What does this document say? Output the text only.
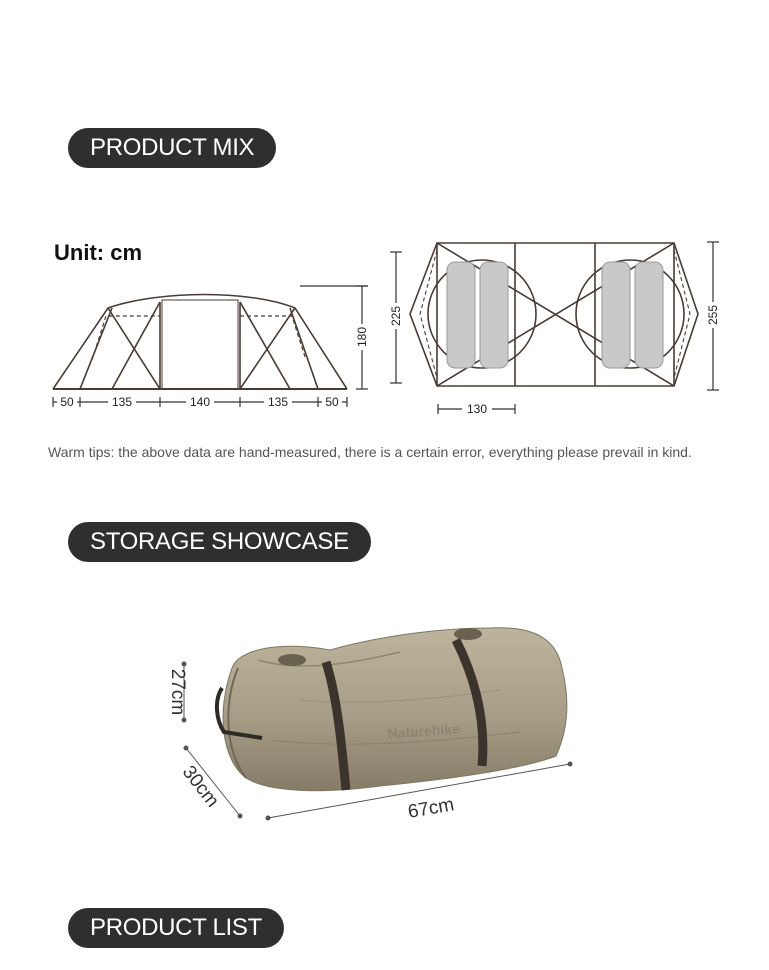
PRODUCT MIX
Unit: cm
50	135	140	135	50
180
225	255
130
Warm tips: the above data are hand-measured, there is a certain error, everything please prevail in kind.
STORAGE SHOWCASE
Naturehike
27cm
30cm	67cm
PRODUCT LIST
